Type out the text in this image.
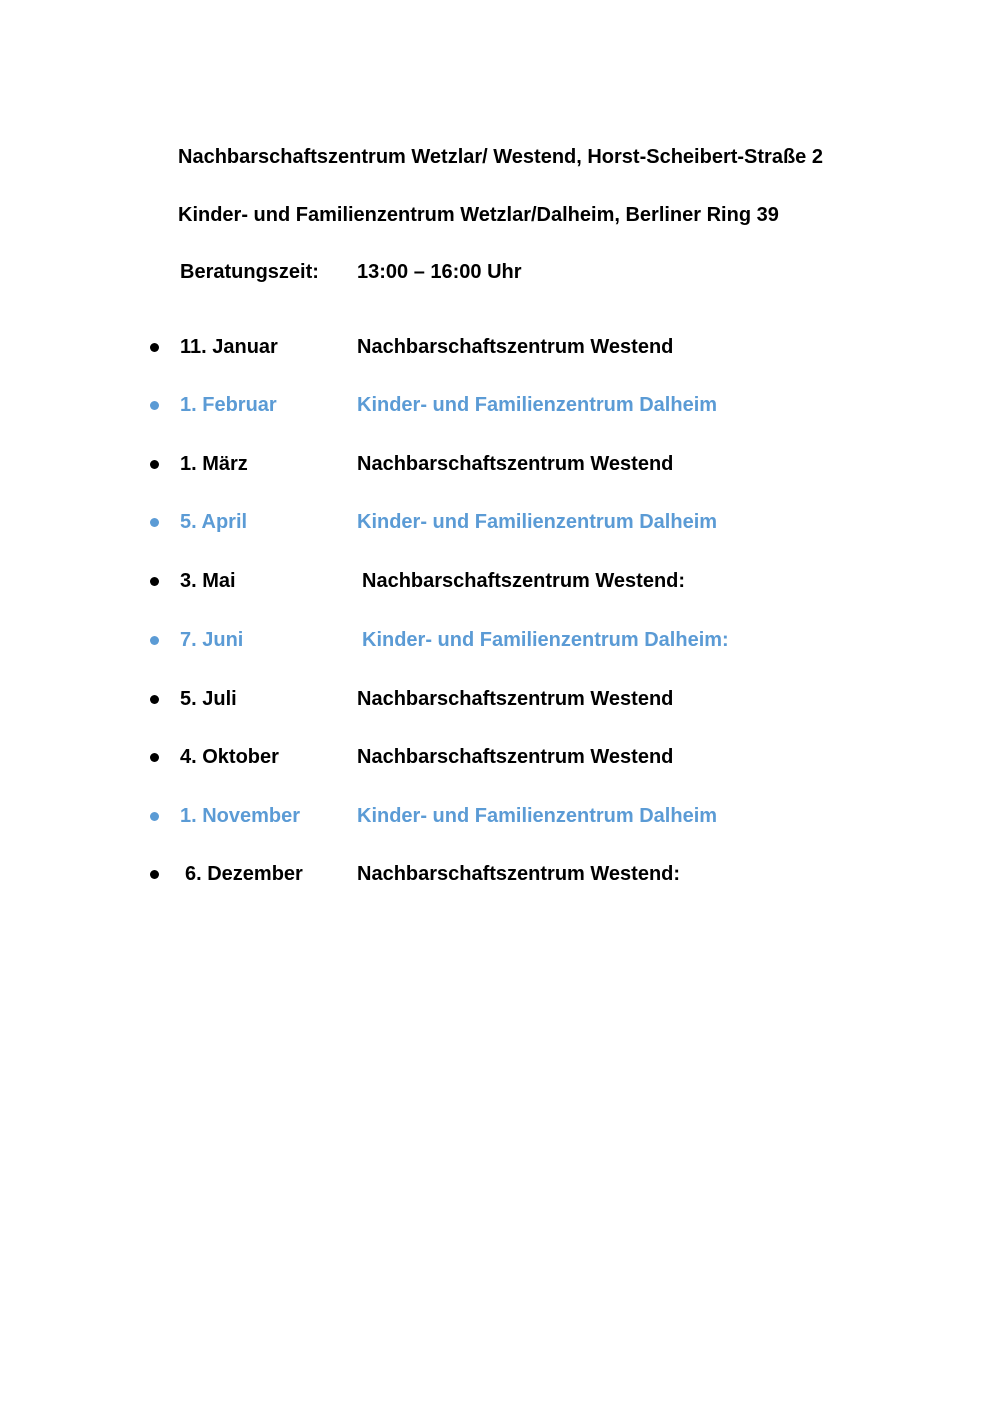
Nachbarschaftszentrum Wetzlar/ Westend, Horst-Scheibert-Straße 2
Kinder- und Familienzentrum Wetzlar/Dalheim, Berliner Ring 39
Beratungszeit: 13:00 – 16:00 Uhr
11. Januar	Nachbarschaftszentrum Westend
1. Februar	Kinder- und Familienzentrum Dalheim
1. März	Nachbarschaftszentrum Westend
5. April	Kinder- und Familienzentrum Dalheim
3. Mai	Nachbarschaftszentrum Westend:
7. Juni	Kinder- und Familienzentrum Dalheim:
5. Juli	Nachbarschaftszentrum Westend
4. Oktober	Nachbarschaftszentrum Westend
1. November	Kinder- und Familienzentrum Dalheim
6. Dezember	Nachbarschaftszentrum Westend:
